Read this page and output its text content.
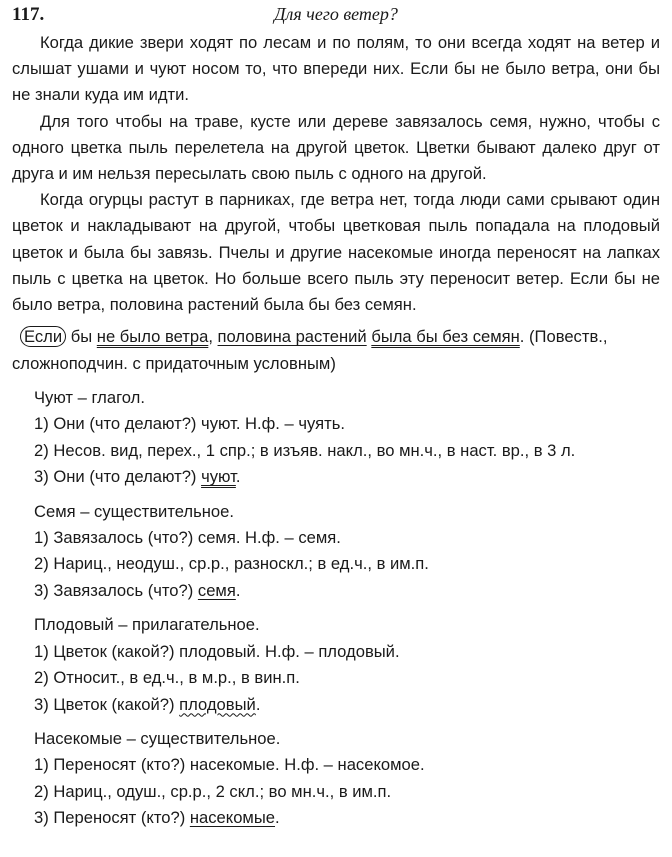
117.	Для чего ветер?

Когда дикие звери ходят по лесам и по полям, то они всегда ходят на ветер и слышат ушами и чуют носом то, что впереди них. Если бы не было ветра, они бы не знали куда им идти.

Для того чтобы на траве, кусте или дереве завязалось семя, нужно, чтобы с одного цветка пыль перелетела на другой цветок. Цветки бывают далеко друг от друга и им нельзя пересылать свою пыль с одного на другой.

Когда огурцы растут в парниках, где ветра нет, тогда люди сами срывают один цветок и накладывают на другой, чтобы цветковая пыль попадала на плодовый цветок и была бы завязь. Пчелы и другие насекомые иногда переносят на лапках пыль с цветка на цветок. Но больше всего пыль эту переносит ветер. Если бы не было ветра, половина растений была бы без семян.

Если бы не было ветра, половина растений была бы без семян. (Повеств., сложноподчин. с придаточным условным)

Чуют – глагол.

1) Они (что делают?) чуют. Н.ф. – чуять.

2) Несов. вид, перех., 1 спр.; в изъяв. накл., во мн.ч., в наст. вр., в 3 л.

3) Они (что делают?) чуют.

Семя – существительное.

1) Завязалось (что?) семя. Н.ф. – семя.

2) Нариц., неодуш., ср.р., разноскл.; в ед.ч., в им.п.

3) Завязалось (что?) семя.

Плодовый – прилагательное.

1) Цветок (какой?) плодовый. Н.ф. – плодовый.

2) Относит., в ед.ч., в м.р., в вин.п.

3) Цветок (какой?) плодовый.

Насекомые – существительное.

1) Переносят (кто?) насекомые. Н.ф. – насекомое.

2) Нариц., одуш., ср.р., 2 скл.; во мн.ч., в им.п.

3) Переносят (кто?) насекомые.
